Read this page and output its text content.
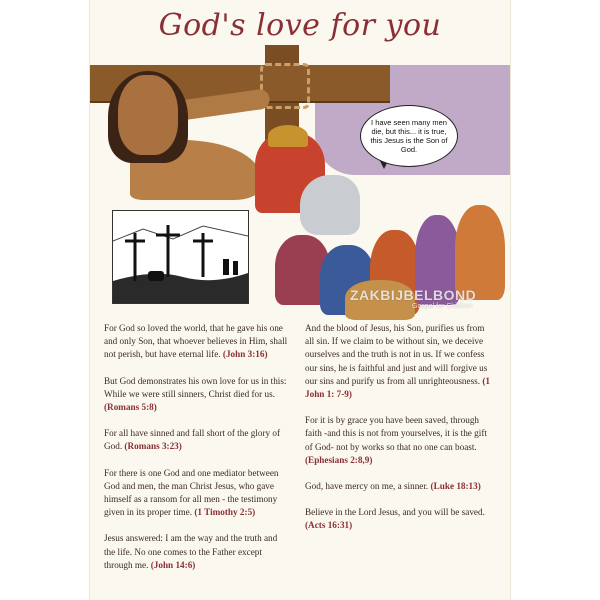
God's love for you
I have seen many men die, but this... it is true, this Jesus is the Son of God.
ZAKBIJBELBOND
Gospel for Children

For God so loved the world, that he gave his one and only Son, that whoever believes in Him, shall not perish, but have eternal life. (John 3:16)

But God demonstrates his own love for us in this: While we were still sinners, Christ died for us. (Romans 5:8)

For all have sinned and fall short of the glory of God. (Romans 3:23)

For there is one God and one mediator between God and men, the man Christ Jesus, who gave himself as a ransom for all men - the testimony given in its proper time. (1 Timothy 2:5)

Jesus answered: I am the way and the truth and the life. No one comes to the Father except through me. (John 14:6)

And the blood of Jesus, his Son, purifies us from all sin. If we claim to be without sin, we deceive ourselves and the truth is not in us. If we confess our sins, he is faithful and just and will forgive us our sins and purify us from all unrighteousness. (1 John 1: 7-9)

For it is by grace you have been saved, through faith -and this is not from yourselves, it is the gift of God- not by works so that no one can boast. (Ephesians 2:8,9)

God, have mercy on me, a sinner. (Luke 18:13)

Believe in the Lord Jesus, and you will be saved. (Acts 16:31)
